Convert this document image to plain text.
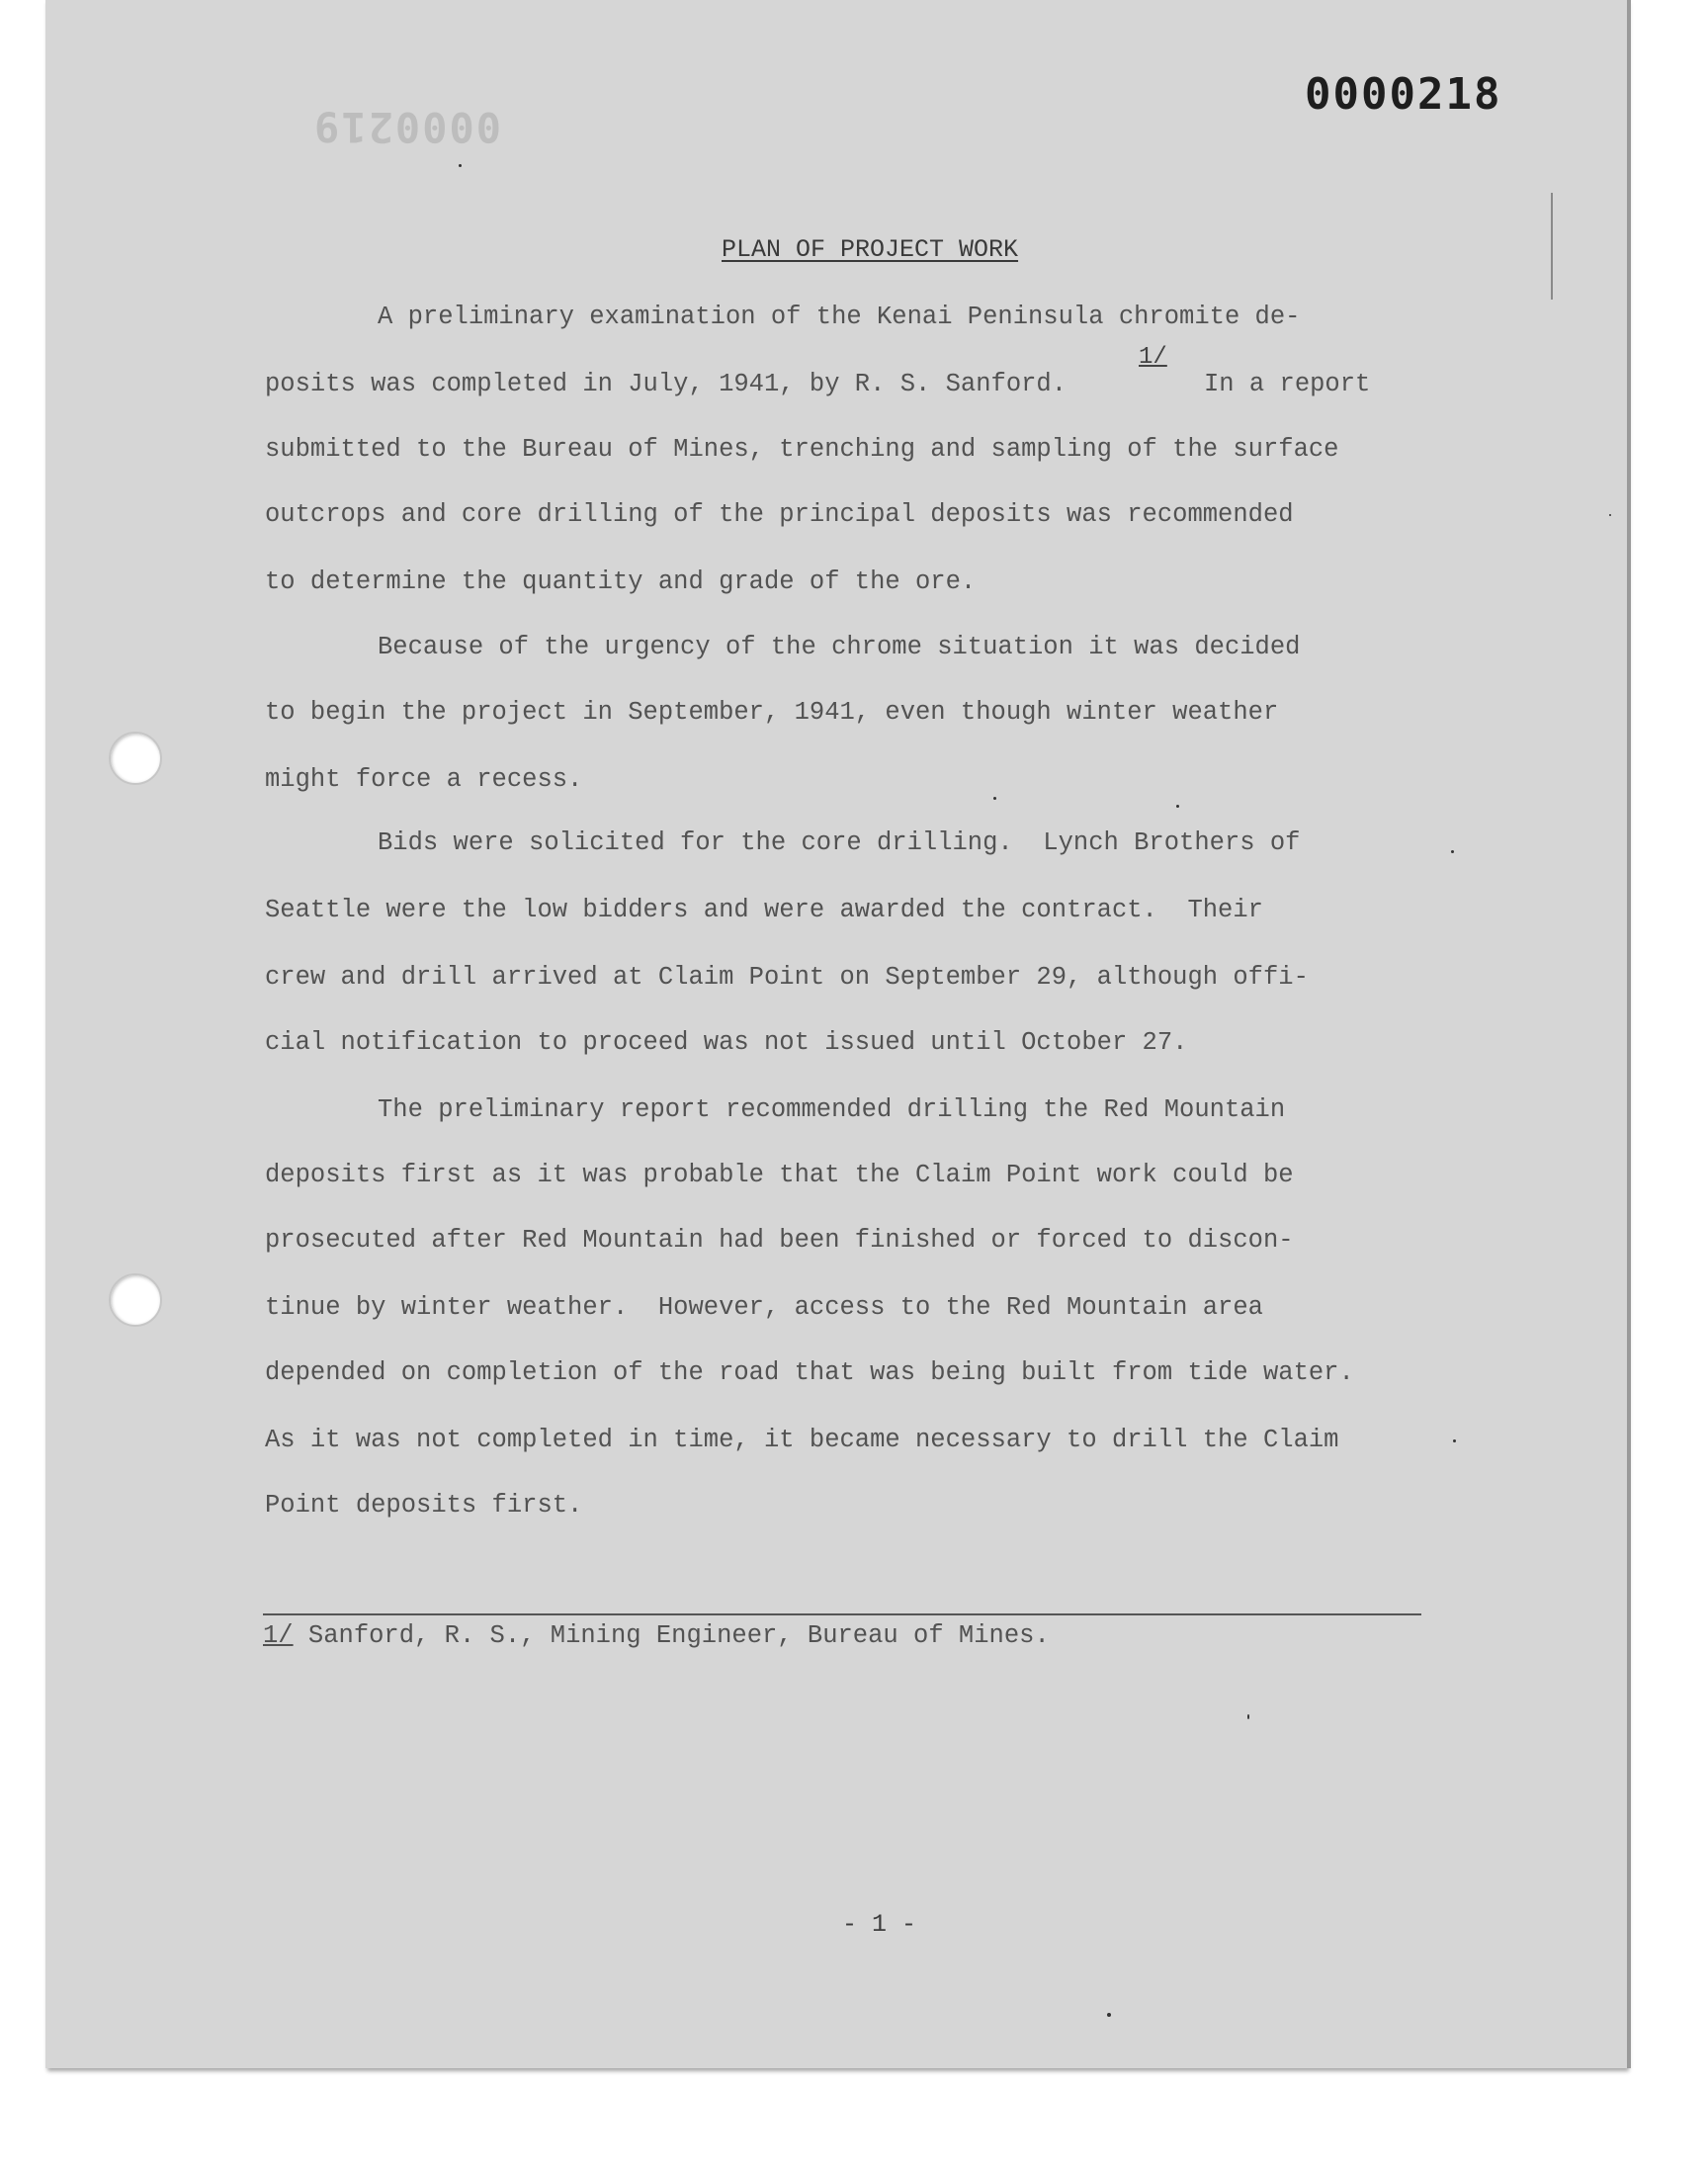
0000219
0000218
PLAN OF PROJECT WORK

A preliminary examination of the Kenai Peninsula chromite de-

posits was completed in July, 1941, by R. S. Sanford.

1/

In a report

submitted to the Bureau of Mines, trenching and sampling of the surface

outcrops and core drilling of the principal deposits was recommended

to determine the quantity and grade of the ore.

Because of the urgency of the chrome situation it was decided

to begin the project in September, 1941, even though winter weather

might force a recess.

Bids were solicited for the core drilling.  Lynch Brothers of

Seattle were the low bidders and were awarded the contract.  Their

crew and drill arrived at Claim Point on September 29, although offi-

cial notification to proceed was not issued until October 27.

The preliminary report recommended drilling the Red Mountain

deposits first as it was probable that the Claim Point work could be

prosecuted after Red Mountain had been finished or forced to discon-

tinue by winter weather.  However, access to the Red Mountain area

depended on completion of the road that was being built from tide water.

As it was not completed in time, it became necessary to drill the Claim

Point deposits first.

1/ Sanford, R. S., Mining Engineer, Bureau of Mines.

- 1 -
